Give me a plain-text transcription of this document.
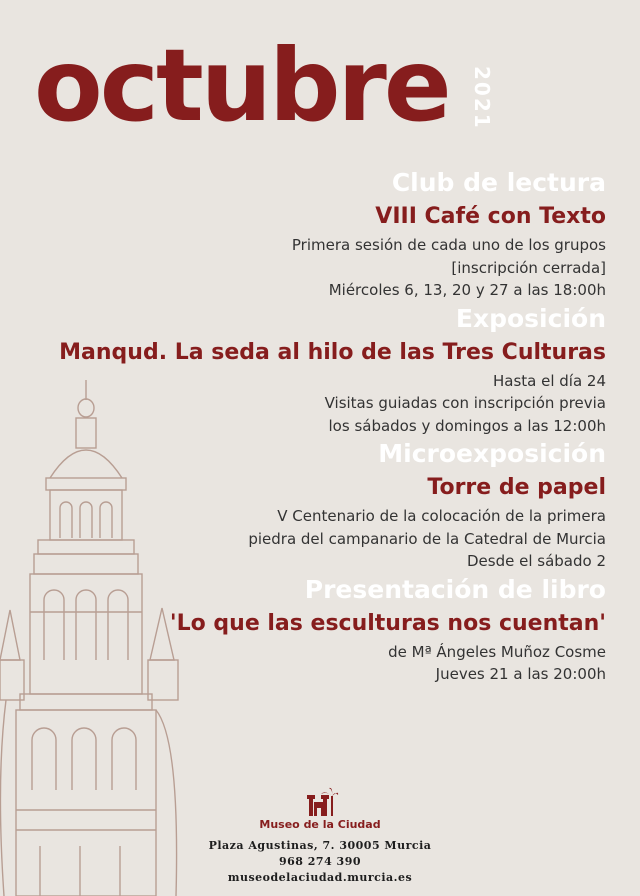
octubre 2021
Club de lectura
VIII Café con Texto
Primera sesión de cada uno de los grupos
[inscripción cerrada]
Miércoles 6, 13, 20 y 27 a las 18:00h
Exposición
Manqud. La seda al hilo de las Tres Culturas
Hasta el día 24
Visitas guiadas con inscripción previa
los sábados y domingos a las 12:00h
Microexposición
Torre de papel
V Centenario de la colocación de la primera
piedra del campanario de la Catedral de Murcia
Desde el sábado 2
Presentación de libro
'Lo que las esculturas nos cuentan'
de Mª Ángeles Muñoz Cosme
Jueves 21 a las 20:00h
Museo de la Ciudad
Plaza Agustinas, 7. 30005 Murcia
968 274 390
museodelaciudad.murcia.es
